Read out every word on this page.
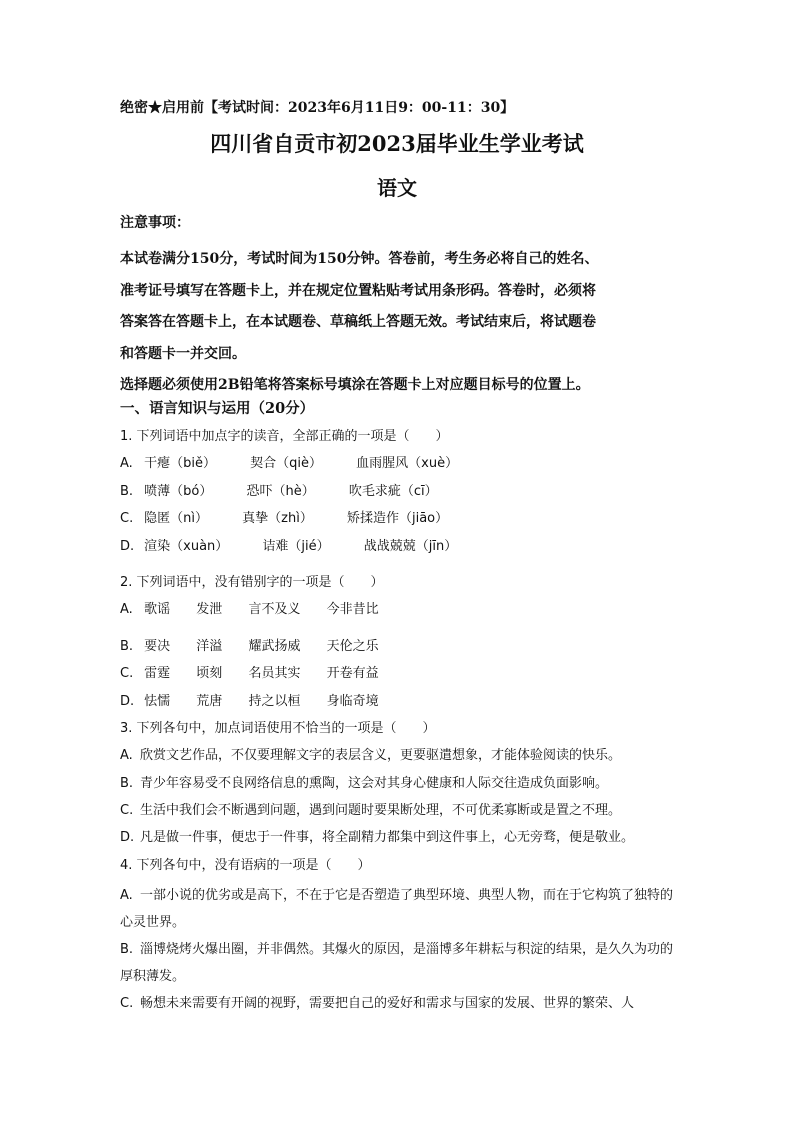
绝密★启用前【考试时间：2023年6月11日9：00-11：30】
四川省自贡市初2023届毕业生学业考试
语文

注意事项：

本试卷满分150分，考试时间为150分钟。答卷前，考生务必将自己的姓名、

准考证号填写在答题卡上，并在规定位置粘贴考试用条形码。答卷时，必须将

答案答在答题卡上，在本试题卷、草稿纸上答题无效。考试结束后，将试题卷

和答题卡一并交回。

选择题必须使用2B铅笔将答案标号填涂在答题卡上对应题目标号的位置上。

一、语言知识与运用（20分）
1. 下列词语中加点字的读音，全部正确的一项是（　　）
A. 干瘪（biě）	契合（qiè）	血雨腥风（xuè）
B. 喷薄（bó）	恐吓（hè）	吹毛求疵（cī）
C. 隐匿（nì）	真挚（zhì）	矫揉造作（jiāo）
D. 渲染（xuàn）	诘难（jié）	战战兢兢（jīn）
2. 下列词语中，没有错别字的一项是（　　）
A. 歌谣 发泄 言不及义 今非昔比
B. 要决 洋溢 耀武扬威 天伦之乐
C. 雷霆 顷刻 名员其实 开卷有益
D. 怯懦 荒唐 持之以桓 身临奇境
3. 下列各句中，加点词语使用不恰当的一项是（　　）
A. 欣赏文艺作品，不仅要理解文字的表层含义，更要驱遣想象，才能体验阅读的快乐。
B. 青少年容易受不良网络信息的熏陶，这会对其身心健康和人际交往造成负面影响。
C. 生活中我们会不断遇到问题，遇到问题时要果断处理，不可优柔寡断或是置之不理。
D. 凡是做一件事，便忠于一件事，将全副精力都集中到这件事上，心无旁骛，便是敬业。
4. 下列各句中，没有语病的一项是（　　）

A. 一部小说的优劣或是高下，不在于它是否塑造了典型环境、典型人物，而在于它构筑了独特的心灵世界。

B. 淄博烧烤火爆出圈，并非偶然。其爆火的原因，是淄博多年耕耘与积淀的结果，是久久为功的厚积薄发。

C. 畅想未来需要有开阔的视野，需要把自己的爱好和需求与国家的发展、世界的繁荣、人
